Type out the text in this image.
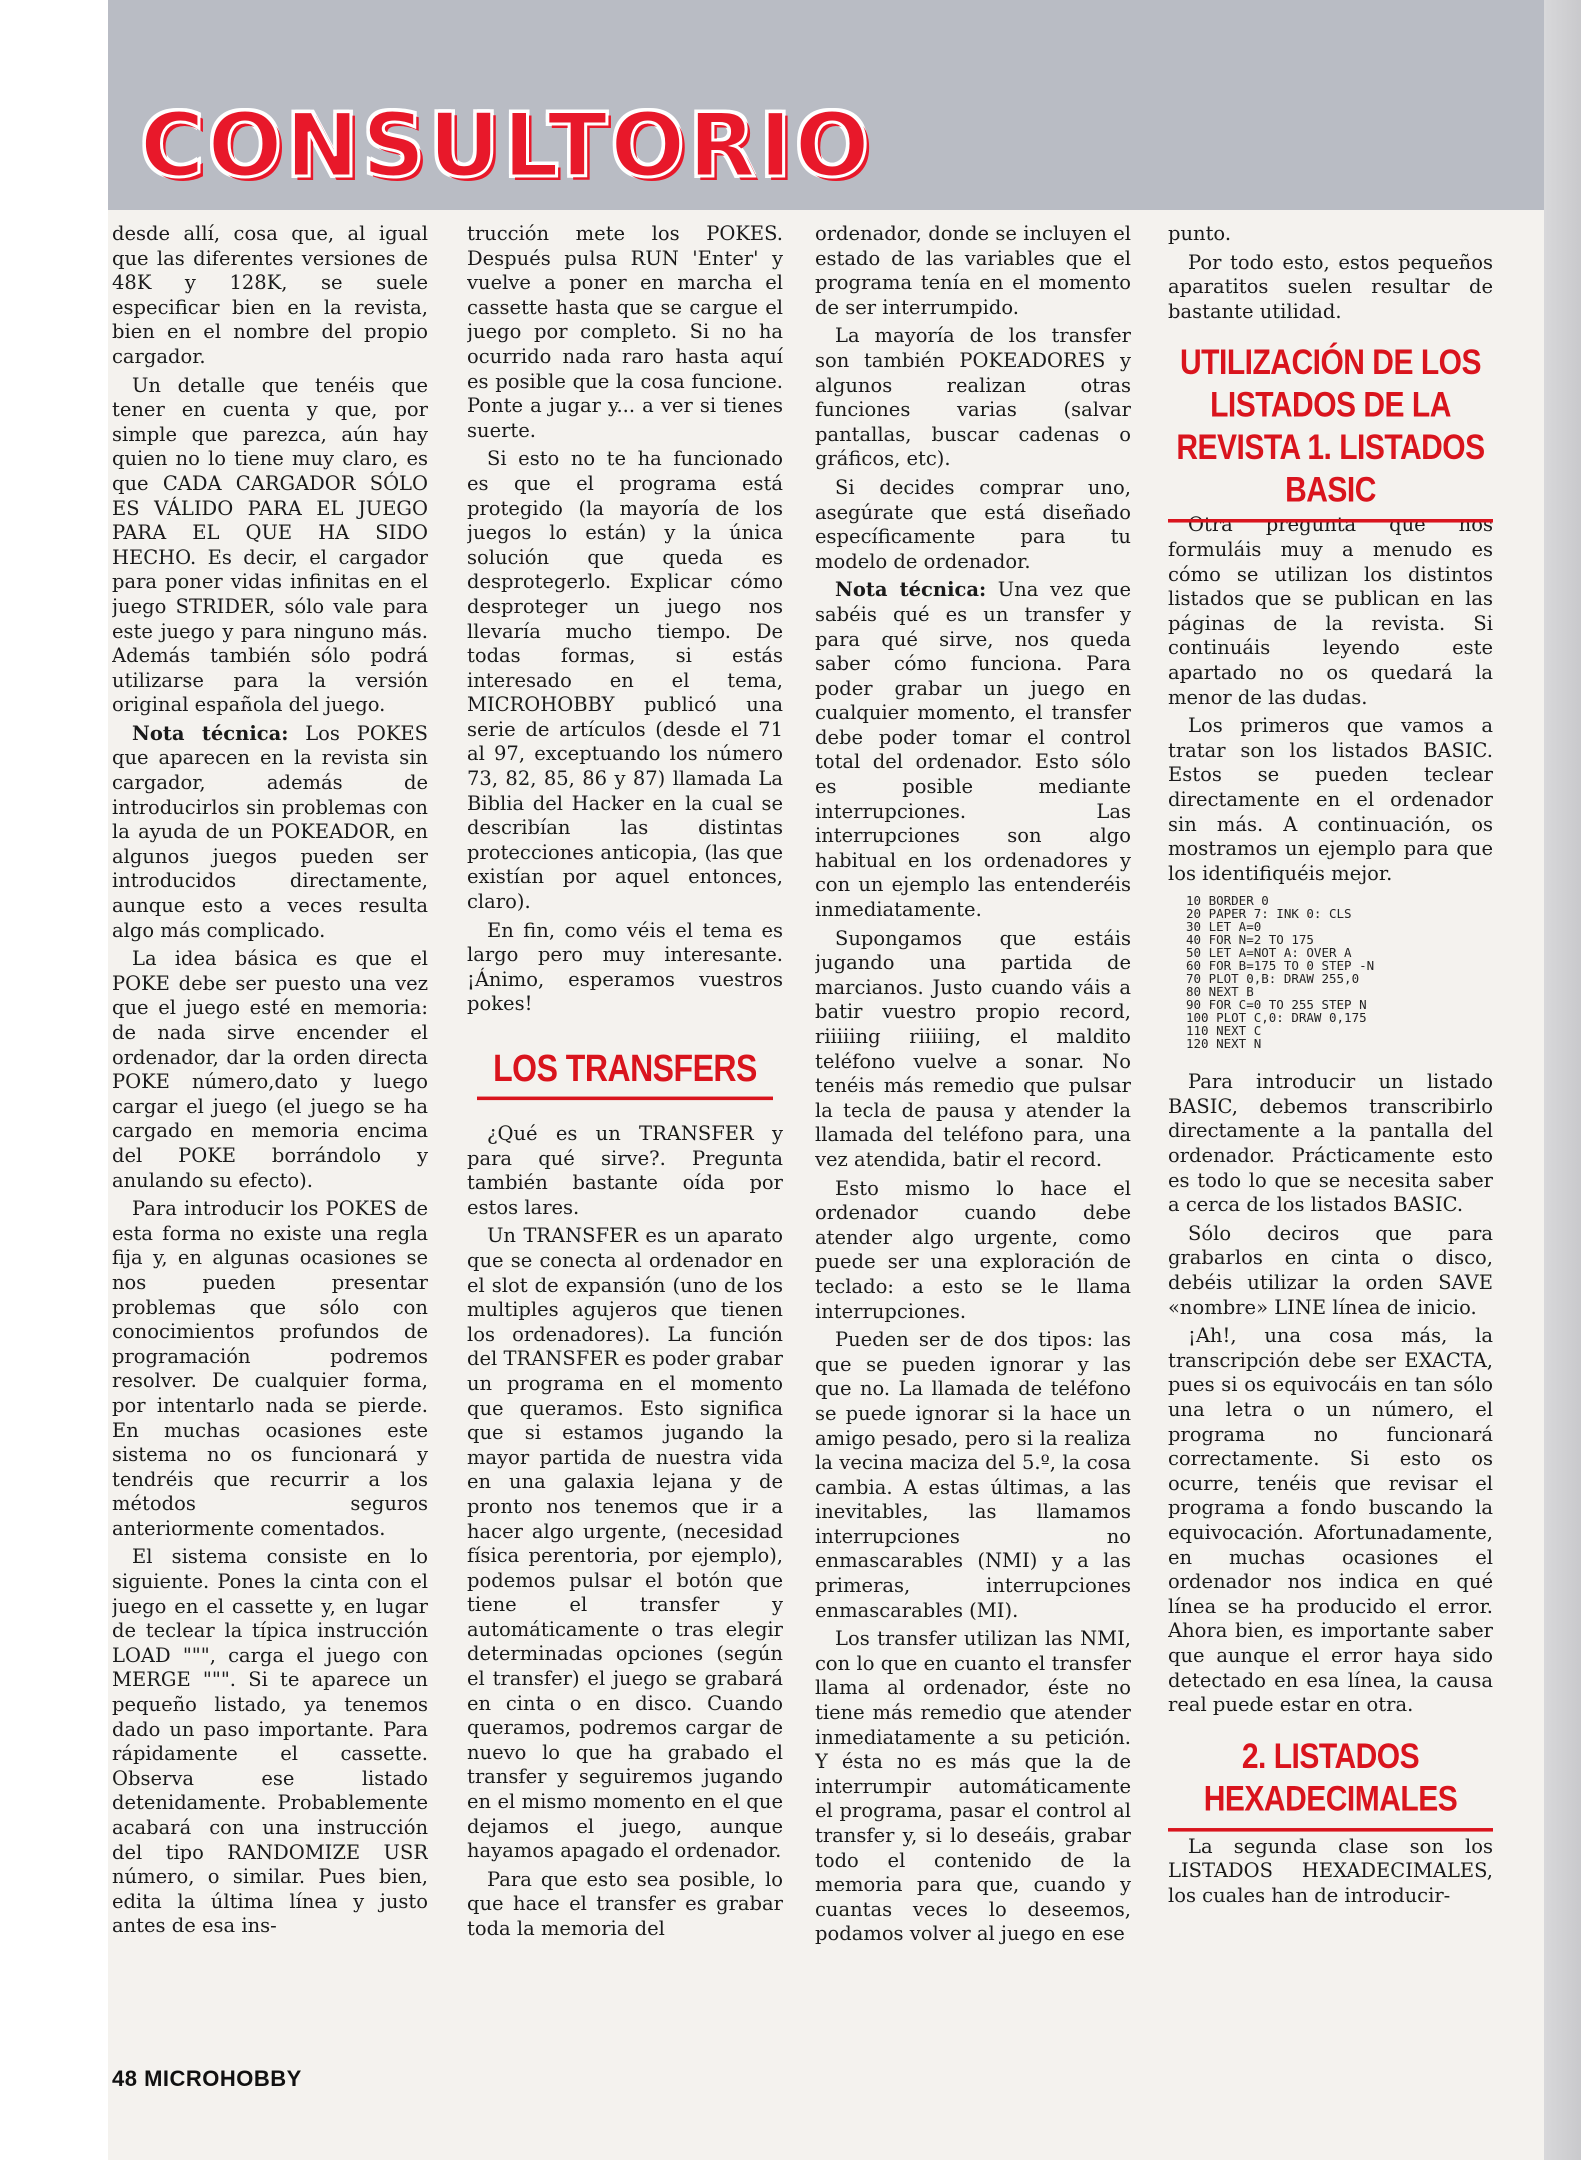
CONSULTORIO

desde allí, cosa que, al igual que las diferentes versiones de 48K y 128K, se suele especificar bien en la revista, bien en el nombre del propio cargador.

Un detalle que tenéis que tener en cuenta y que, por simple que parezca, aún hay quien no lo tiene muy claro, es que CADA CARGADOR SÓLO ES VÁLIDO PARA EL JUEGO PARA EL QUE HA SIDO HECHO. Es decir, el cargador para poner vidas infinitas en el juego STRIDER, sólo vale para este juego y para ninguno más. Además también sólo podrá utilizarse para la versión original española del juego.

Nota técnica: Los POKES que aparecen en la revista sin cargador, además de introducirlos sin problemas con la ayuda de un POKEADOR, en algunos juegos pueden ser introducidos directamente, aunque esto a veces resulta algo más complicado.

La idea básica es que el POKE debe ser puesto una vez que el juego esté en memoria: de nada sirve encender el ordenador, dar la orden directa POKE número,dato y luego cargar el juego (el juego se ha cargado en memoria encima del POKE borrándolo y anulando su efecto).

Para introducir los POKES de esta forma no existe una regla fija y, en algunas ocasiones se nos pueden presentar problemas que sólo con conocimientos profundos de programación podremos resolver. De cualquier forma, por intentarlo nada se pierde. En muchas ocasiones este sistema no os funcionará y tendréis que recurrir a los métodos seguros anteriormente comentados.

El sistema consiste en lo siguiente. Pones la cinta con el juego en el cassette y, en lugar de teclear la típica instrucción LOAD """, carga el juego con MERGE """. Si te aparece un pequeño listado, ya tenemos dado un paso importante. Para rápidamente el cassette. Observa ese listado detenidamente. Probablemente acabará con una instrucción del tipo RANDOMIZE USR número, o similar. Pues bien, edita la última línea y justo antes de esa ins-

trucción mete los POKES. Después pulsa RUN 'Enter' y vuelve a poner en marcha el cassette hasta que se cargue el juego por completo. Si no ha ocurrido nada raro hasta aquí es posible que la cosa funcione. Ponte a jugar y... a ver si tienes suerte.

Si esto no te ha funcionado es que el programa está protegido (la mayoría de los juegos lo están) y la única solución que queda es desprotegerlo. Explicar cómo desproteger un juego nos llevaría mucho tiempo. De todas formas, si estás interesado en el tema, MICROHOBBY publicó una serie de artículos (desde el 71 al 97, exceptuando los número 73, 82, 85, 86 y 87) llamada La Biblia del Hacker en la cual se describían las distintas protecciones anticopia, (las que existían por aquel entonces, claro).

En fin, como véis el tema es largo pero muy interesante. ¡Ánimo, esperamos vuestros pokes!

LOS TRANSFERS

¿Qué es un TRANSFER y para qué sirve?. Pregunta también bastante oída por estos lares.

Un TRANSFER es un aparato que se conecta al ordenador en el slot de expansión (uno de los multiples agujeros que tienen los ordenadores). La función del TRANSFER es poder grabar un programa en el momento que queramos. Esto significa que si estamos jugando la mayor partida de nuestra vida en una galaxia lejana y de pronto nos tenemos que ir a hacer algo urgente, (necesidad física perentoria, por ejemplo), podemos pulsar el botón que tiene el transfer y automáticamente o tras elegir determinadas opciones (según el transfer) el juego se grabará en cinta o en disco. Cuando queramos, podremos cargar de nuevo lo que ha grabado el transfer y seguiremos jugando en el mismo momento en el que dejamos el juego, aunque hayamos apagado el ordenador.

Para que esto sea posible, lo que hace el transfer es grabar toda la memoria del

ordenador, donde se incluyen el estado de las variables que el programa tenía en el momento de ser interrumpido.

La mayoría de los transfer son también POKEADORES y algunos realizan otras funciones varias (salvar pantallas, buscar cadenas o gráficos, etc).

Si decides comprar uno, asegúrate que está diseñado específicamente para tu modelo de ordenador.

Nota técnica: Una vez que sabéis qué es un transfer y para qué sirve, nos queda saber cómo funciona. Para poder grabar un juego en cualquier momento, el transfer debe poder tomar el control total del ordenador. Esto sólo es posible mediante interrupciones. Las interrupciones son algo habitual en los ordenadores y con un ejemplo las entenderéis inmediatamente.

Supongamos que estáis jugando una partida de marcianos. Justo cuando váis a batir vuestro propio record, riiiiing riiiiing, el maldito teléfono vuelve a sonar. No tenéis más remedio que pulsar la tecla de pausa y atender la llamada del teléfono para, una vez atendida, batir el record.

Esto mismo lo hace el ordenador cuando debe atender algo urgente, como puede ser una exploración de teclado: a esto se le llama interrupciones.

Pueden ser de dos tipos: las que se pueden ignorar y las que no. La llamada de teléfono se puede ignorar si la hace un amigo pesado, pero si la realiza la vecina maciza del 5.º, la cosa cambia. A estas últimas, a las inevitables, las llamamos interrupciones no enmascarables (NMI) y a las primeras, interrupciones enmascarables (MI).

Los transfer utilizan las NMI, con lo que en cuanto el transfer llama al ordenador, éste no tiene más remedio que atender inmediatamente a su petición. Y ésta no es más que la de interrumpir automáticamente el programa, pasar el control al transfer y, si lo deseáis, grabar todo el contenido de la memoria para que, cuando y cuantas veces lo deseemos, podamos volver al juego en ese

punto.

Por todo esto, estos pequeños aparatitos suelen resultar de bastante utilidad.

UTILIZACIÓN DE LOS LISTADOS DE LA REVISTA 1. LISTADOS BASIC

Otra pregunta que nos formuláis muy a menudo es cómo se utilizan los distintos listados que se publican en las páginas de la revista. Si continuáis leyendo este apartado no os quedará la menor de las dudas.

Los primeros que vamos a tratar son los listados BASIC. Estos se pueden teclear directamente en el ordenador sin más. A continuación, os mostramos un ejemplo para que los identifiquéis mejor.

10 BORDER 0
20 PAPER 7: INK 0: CLS
30 LET A=0
40 FOR N=2 TO 175
50 LET A=NOT A: OVER A
60 FOR B=175 TO 0 STEP -N
70 PLOT 0,B: DRAW 255,0
80 NEXT B
90 FOR C=0 TO 255 STEP N
100 PLOT C,0: DRAW 0,175
110 NEXT C
120 NEXT N

Para introducir un listado BASIC, debemos transcribirlo directamente a la pantalla del ordenador. Prácticamente esto es todo lo que se necesita saber a cerca de los listados BASIC.

Sólo deciros que para grabarlos en cinta o disco, debéis utilizar la orden SAVE «nombre» LINE línea de inicio.

¡Ah!, una cosa más, la transcripción debe ser EXACTA, pues si os equivocáis en tan sólo una letra o un número, el programa no funcionará correctamente. Si esto os ocurre, tenéis que revisar el programa a fondo buscando la equivocación. Afortunadamente, en muchas ocasiones el ordenador nos indica en qué línea se ha producido el error. Ahora bien, es importante saber que aunque el error haya sido detectado en esa línea, la causa real puede estar en otra.

2. LISTADOS HEXADECIMALES

La segunda clase son los LISTADOS HEXADECIMALES, los cuales han de introducir-

48 MICROHOBBY
